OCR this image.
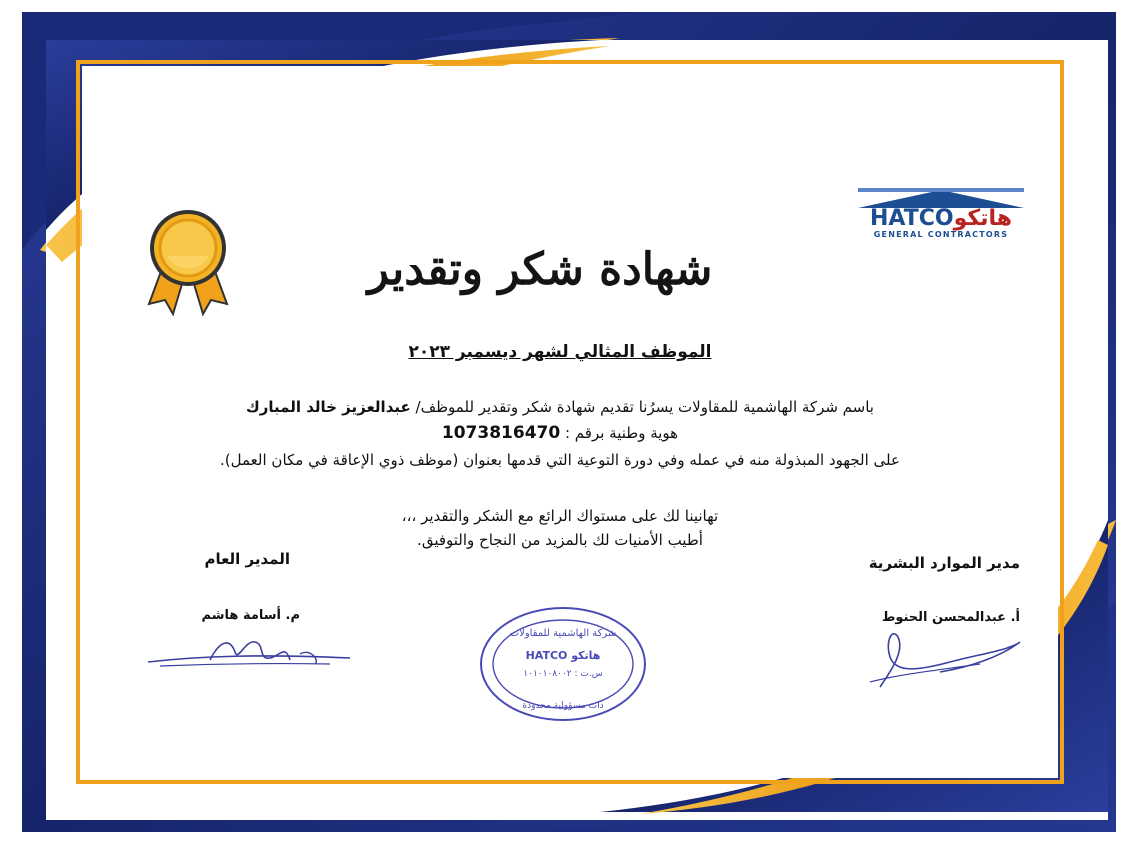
HATCOهاتكو
GENERAL CONTRACTORS
شهادة شكر وتقدير
الموظف المثالي لشهر ديسمبر ٢٠٢٣
باسم شركة الهاشمية للمقاولات يسرُنا تقديم شهادة شكر وتقدير للموظف/ عبدالعزيز خالد المبارك
هوية وطنية برقم : 1073816470
على الجهود المبذولة منه في عمله وفي دورة التوعية التي قدمها بعنوان (موظف ذوي الإعاقة في مكان العمل).
تهانينا لك على مستواك الرائع مع الشكر والتقدير ،،،
أطيب الأمنيات لك بالمزيد من النجاح والتوفيق.
مدير الموارد البشرية
المدير العام
أ. عبدالمحسن الحنوط
م. أسامة هاشم
شركة الهاشمية للمقاولات
HATCO هاتكو
س.ت : ١٠١٠١٠٨٠٠٢
ذات مسؤولية محدودة
